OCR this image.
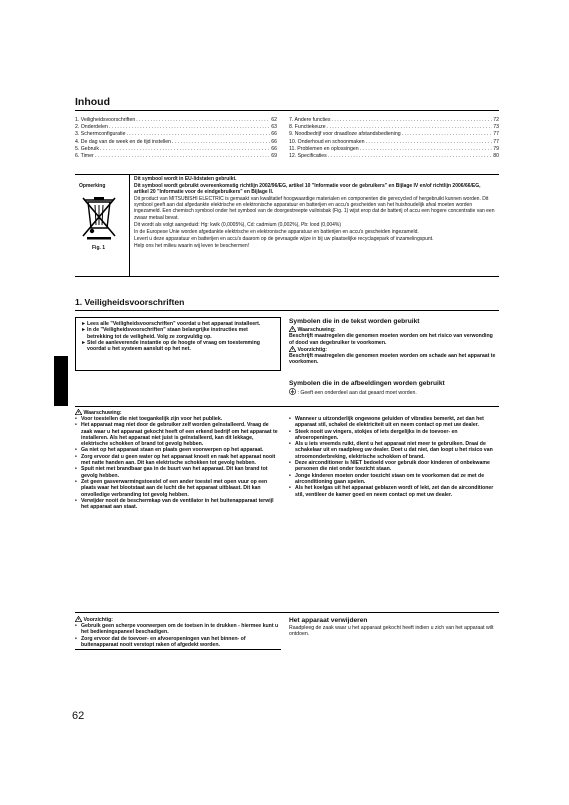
Inhoud
1. Veiligheidsvoorschriften .....	62
2. Onderdelen .....	63
3. Schermconfiguratie .....	66
4. De dag van de week en de tijd instellen .....	66
5. Gebruik .....	66
6. Timer .....	69
7. Andere functies .....	72
8. Functiekeuze .....	73
9. Noodbedrijf voor draadloze afstandsbediening .....	77
10. Onderhoud en schoonmaken .....	77
11. Problemen en oplossingen .....	79
12. Specificaties .....	80
Opmerking
Fig. 1
Dit symbool wordt in EU-lidstaten gebruikt.
Dit symbool wordt gebruikt overeenkomstig richtlijn 2002/96/EG, artikel 10 "Informatie voor de gebruikers" en Bijlage IV en/of richtlijn 2006/66/EG, artikel 20 "Informatie voor de eindgebruikers" en Bijlage II.
Dit product van MITSUBISHI ELECTRIC is gemaakt van kwalitatief hoogwaardige materialen en componenten die gerecycled of hergebruikt kunnen worden. Dit symbool geeft aan dat afgedankte elektrische en elektronische apparatuur en batterijen en accu's gescheiden van het huishoudelijk afval moeten worden ingezameld. Een chemisch symbool onder het symbool van de doorgestreepte vuilnisbak (Fig. 1) wijst erop dat de batterij of accu een hogere concentratie van een zwaar metaal bevat.
Dit wordt als volgt aangeduid: Hg: kwik (0,0005%), Cd: cadmium (0,002%), Pb: lood (0,004%)
In de Europese Unie worden afgedankte elektrische en elektronische apparatuur en batterijen en accu's gescheiden ingezameld.
Levert u deze apparatuur en batterijen en accu's daarom op de gevraagde wijze in bij uw plaatselijke recyclagepark of inzamelingspunt.
Help ons het milieu waarin wij leven te beschermen!
1. Veiligheidsvoorschriften
► Lees alle "Veiligheidsvoorschriften" voordat u het apparaat installeert.
► In de "Veiligheidsvoorschriften" staan belangrijke instructies met betrekking tot de veiligheid. Volg ze zorgvuldig op.
► Stel de aanleverende instantie op de hoogte of vraag om toestemming voordat u het systeem aansluit op het net.
Symbolen die in de tekst worden gebruikt
Waarschuwing:
Beschrijft maatregelen die genomen moeten worden om het risico van verwonding of dood van degebruiker te voorkomen.
Voorzichtig:
Beschrijft maatregelen die genomen moeten worden om schade aan het apparaat te voorkomen.
Symbolen die in de afbeeldingen worden gebruikt
: Geeft een onderdeel aan dat geaard moet worden.
Waarschuwing:
• Voor toestellen die niet toegankelijk zijn voor het publiek.
• Het apparaat mag niet door de gebruiker zelf worden geïnstalleerd. Vraag de zaak waar u het apparaat gekocht heeft of een erkend bedrijf om het apparaat te installeren. Als het apparaat niet juist is geïnstalleerd, kan dit lekkage, elektrische schokken of brand tot gevolg hebben.
• Ga niet op het apparaat staan en plaats geen voorwerpen op het apparaat.
• Zorg ervoor dat u geen water op het apparaat knoeit en raak het apparaat nooit met natte handen aan. Dit kan elektrische schokken tot gevolg hebben.
• Spuit niet met brandbaar gas in de buurt van het apparaat. Dit kan brand tot gevolg hebben.
• Zet geen gasverwarmingstoestel of een ander toestel met open vuur op een plaats waar het blootstaat aan de lucht die het apparaat uitblaast. Dit kan onvolledige verbranding tot gevolg hebben.
• Verwijder nooit de beschermkap van de ventilator in het buitenapparaat terwijl het apparaat aan staat.
• Wanneer u uitzonderlijk ongewone geluiden of vibraties bemerkt, zet dan het apparaat stil, schakel de elektriciteit uit en neem contact op met uw dealer.
• Steek nooit uw vingers, stokjes of iets dergelijks in de toevoer- en afvoeropeningen.
• Als u iets vreemds ruikt, dient u het apparaat niet meer te gebruiken. Draai de schakelaar uit en raadpleeg uw dealer. Doet u dat niet, dan loopt u het risico van stroomonderbreking, elektrische schokken of brand.
• Deze airconditioner is NIET bedoeld voor gebruik door kinderen of onbekwame personen die niet onder toezicht staan.
• Jonge kinderen moeten onder toezicht staan om te voorkomen dat ze met de airconditioning gaan spelen.
• Als het koelgas uit het apparaat geblazen wordt of lekt, zet dan de airconditioner stil, ventileer de kamer goed en neem contact op met uw dealer.
Voorzichtig:
• Gebruik geen scherpe voorwerpen om de toetsen in te drukken - hiermee kunt u het bedieningspaneel beschadigen.
• Zorg ervoor dat de toevoer- en afvoeropeningen van het binnen- of buitenapparaat nooit verstopt raken of afgedekt worden.
Het apparaat verwijderen
Raadpleeg de zaak waar u het apparaat gekocht heeft indien u zich van het apparaat wilt ontdoen.
62
